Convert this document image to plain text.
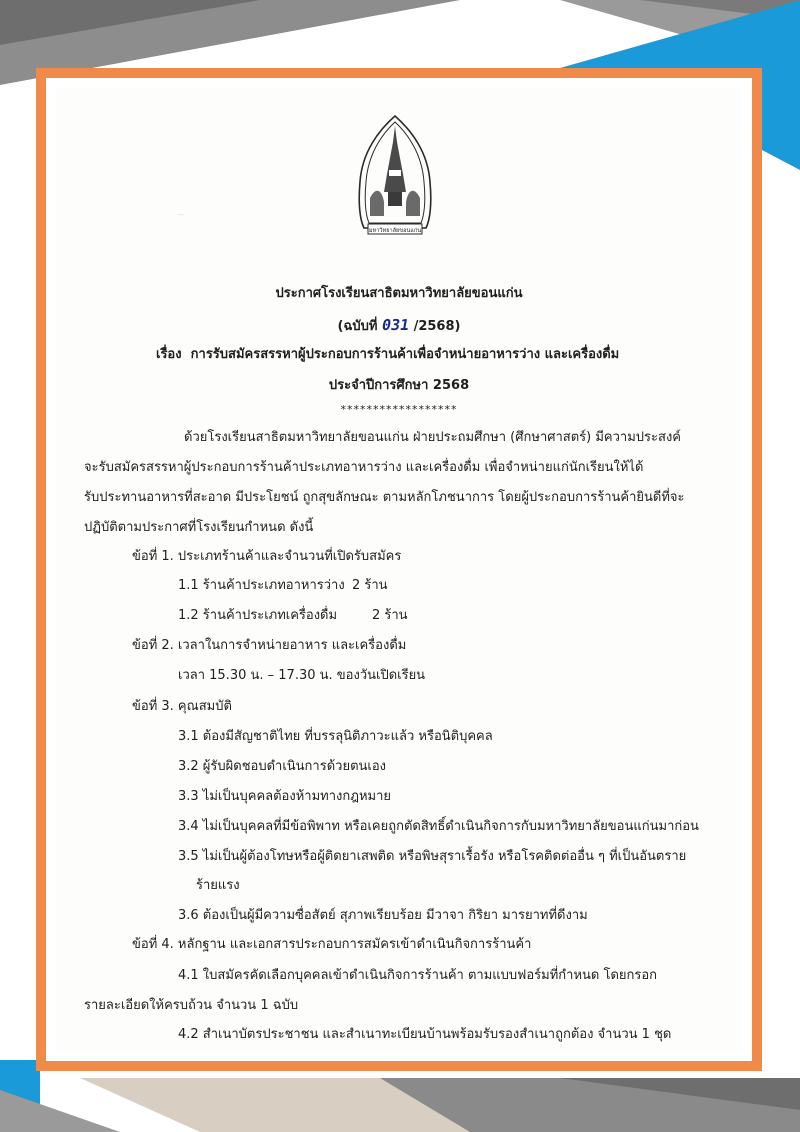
~
มหาวิทยาลัยขอนแก่น
ประกาศโรงเรียนสาธิตมหาวิทยาลัยขอนแก่น
(ฉบับที่ 031 /2568)
เรื่อง การรับสมัครสรรหาผู้ประกอบการร้านค้าเพื่อจำหน่ายอาหารว่าง และเครื่องดื่ม
ประจำปีการศึกษา 2568
******************
ด้วยโรงเรียนสาธิตมหาวิทยาลัยขอนแก่น ฝ่ายประถมศึกษา (ศึกษาศาสตร์) มีความประสงค์
จะรับสมัครสรรหาผู้ประกอบการร้านค้าประเภทอาหารว่าง และเครื่องดื่ม เพื่อจำหน่ายแก่นักเรียนให้ได้
รับประทานอาหารที่สะอาด มีประโยชน์ ถูกสุขลักษณะ ตามหลักโภชนาการ โดยผู้ประกอบการร้านค้ายินดีที่จะ
ปฏิบัติตามประกาศที่โรงเรียนกำหนด ดังนี้
ข้อที่ 1. ประเภทร้านค้าและจำนวนที่เปิดรับสมัคร
1.1 ร้านค้าประเภทอาหารว่าง 2 ร้าน
1.2 ร้านค้าประเภทเครื่องดื่ม	2 ร้าน
ข้อที่ 2. เวลาในการจำหน่ายอาหาร และเครื่องดื่ม
เวลา 15.30 น. – 17.30 น. ของวันเปิดเรียน
ข้อที่ 3. คุณสมบัติ
3.1 ต้องมีสัญชาติไทย ที่บรรลุนิติภาวะแล้ว หรือนิติบุคคล
3.2 ผู้รับผิดชอบดำเนินการด้วยตนเอง
3.3 ไม่เป็นบุคคลต้องห้ามทางกฎหมาย
3.4 ไม่เป็นบุคคลที่มีข้อพิพาท หรือเคยถูกตัดสิทธิ์ดำเนินกิจการกับมหาวิทยาลัยขอนแก่นมาก่อน
3.5 ไม่เป็นผู้ต้องโทษหรือผู้ติดยาเสพติด หรือพิษสุราเรื้อรัง หรือโรคติดต่ออื่น ๆ ที่เป็นอันตราย
ร้ายแรง
3.6 ต้องเป็นผู้มีความซื่อสัตย์ สุภาพเรียบร้อย มีวาจา กิริยา มารยาทที่ดีงาม
ข้อที่ 4. หลักฐาน และเอกสารประกอบการสมัครเข้าดำเนินกิจการร้านค้า
4.1 ใบสมัครคัดเลือกบุคคลเข้าดำเนินกิจการร้านค้า ตามแบบฟอร์มที่กำหนด โดยกรอก
รายละเอียดให้ครบถ้วน จำนวน 1 ฉบับ
4.2 สำเนาบัตรประชาชน และสำเนาทะเบียนบ้านพร้อมรับรองสำเนาถูกต้อง จำนวน 1 ชุด
